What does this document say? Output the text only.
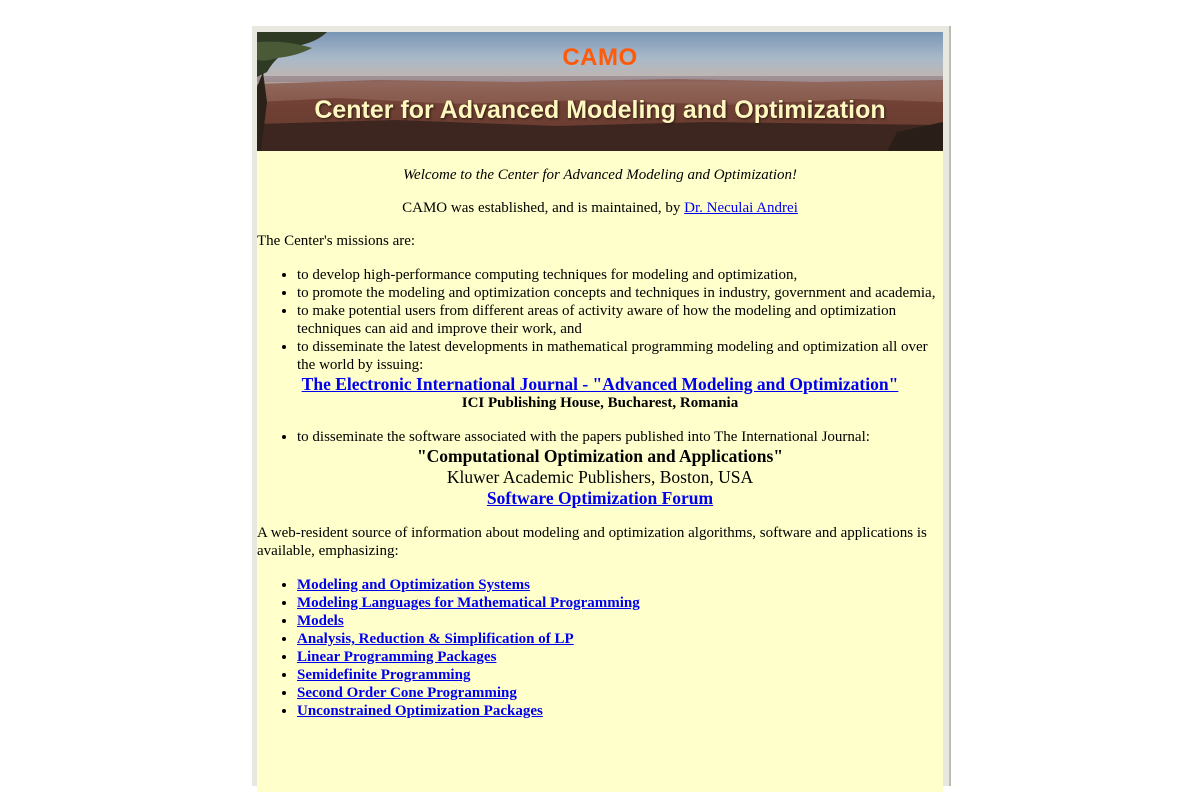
CAMO
Center for Advanced Modeling and Optimization

Welcome to the Center for Advanced Modeling and Optimization!

CAMO was established, and is maintained, by Dr. Neculai Andrei

The Center's missions are:

• to develop high-performance computing techniques for modeling and optimization,
• to promote the modeling and optimization concepts and techniques in industry, government and academia,
• to make potential users from different areas of activity aware of how the modeling and optimization techniques can aid and improve their work, and
• to disseminate the latest developments in mathematical programming modeling and optimization all over the world by issuing:
The Electronic International Journal - "Advanced Modeling and Optimization"
ICI Publishing House, Bucharest, Romania
• to disseminate the software associated with the papers published into The International Journal:
"Computational Optimization and Applications"
Kluwer Academic Publishers, Boston, USA
Software Optimization Forum

A web-resident source of information about modeling and optimization algorithms, software and applications is available, emphasizing:

• Modeling and Optimization Systems
• Modeling Languages for Mathematical Programming
• Models
• Analysis, Reduction & Simplification of LP
• Linear Programming Packages
• Semidefinite Programming
• Second Order Cone Programming
• Unconstrained Optimization Packages
